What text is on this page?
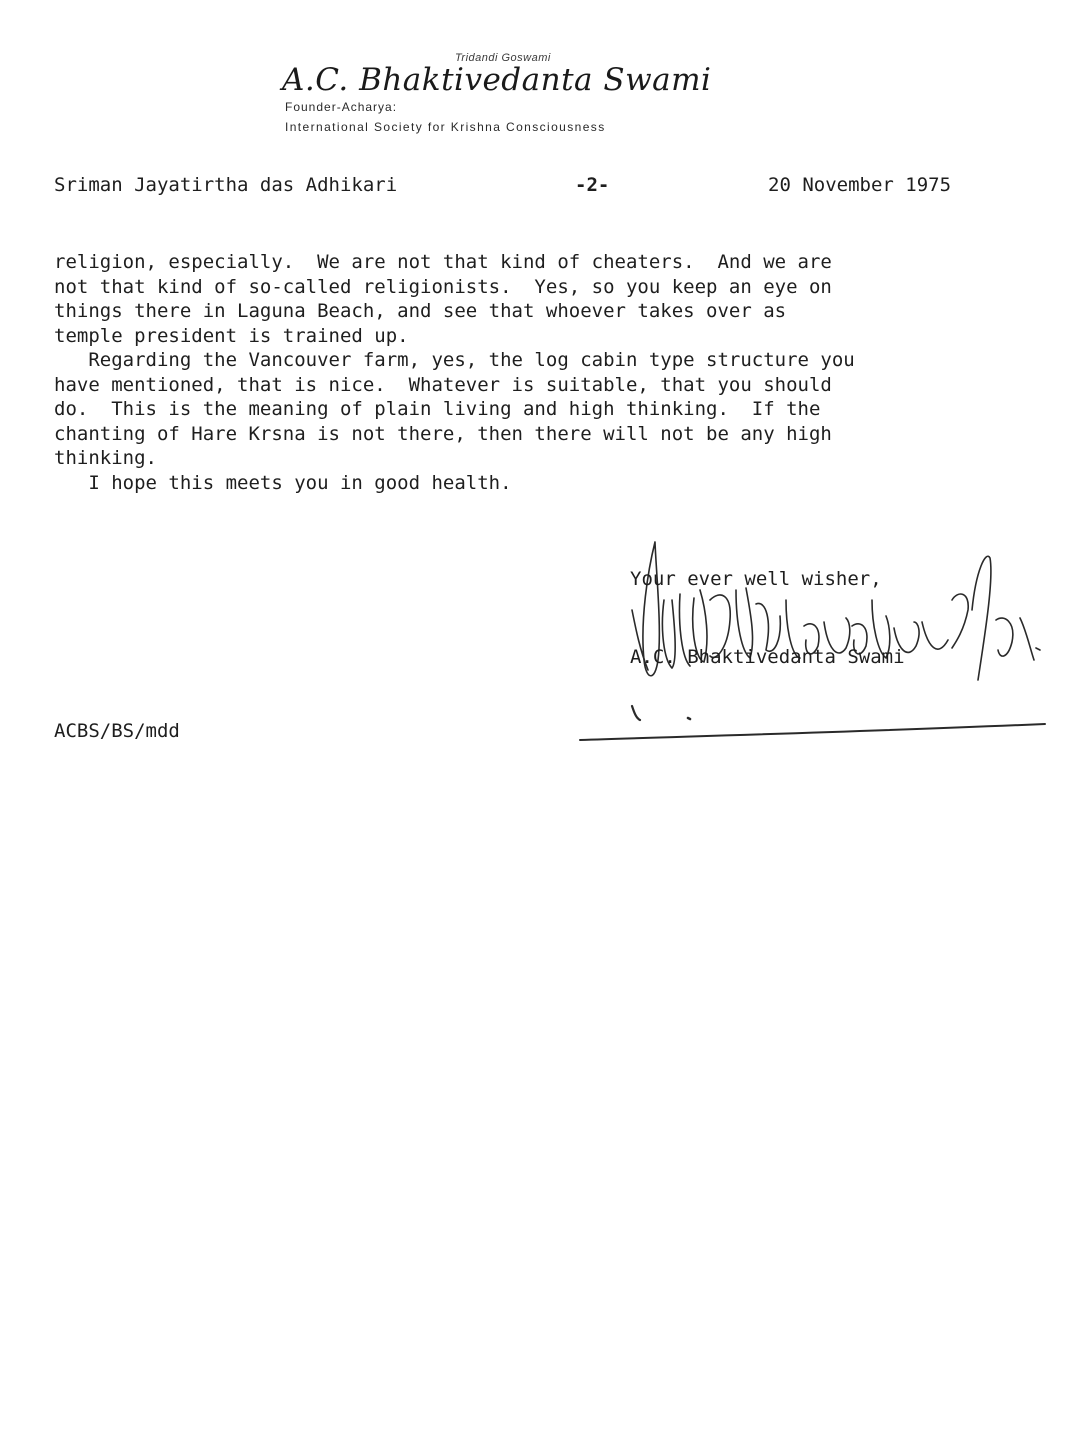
Tridandi Goswami
A.C. Bhaktivedanta Swami
Founder-Acharya:
International Society for Krishna Consciousness
Sriman Jayatirtha das Adhikari	-2-	20 November 1975
religion, especially.  We are not that kind of cheaters.  And we are
not that kind of so-called religionists.  Yes, so you keep an eye on
things there in Laguna Beach, and see that whoever takes over as
temple president is trained up.
Regarding the Vancouver farm, yes, the log cabin type structure you
have mentioned, that is nice.  Whatever is suitable, that you should
do.  This is the meaning of plain living and high thinking.  If the
chanting of Hare Krsna is not there, then there will not be any high
thinking.
I hope this meets you in good health.
Your ever well wisher,

A.C. Bhaktivedanta Swami
ACBS/BS/mdd
